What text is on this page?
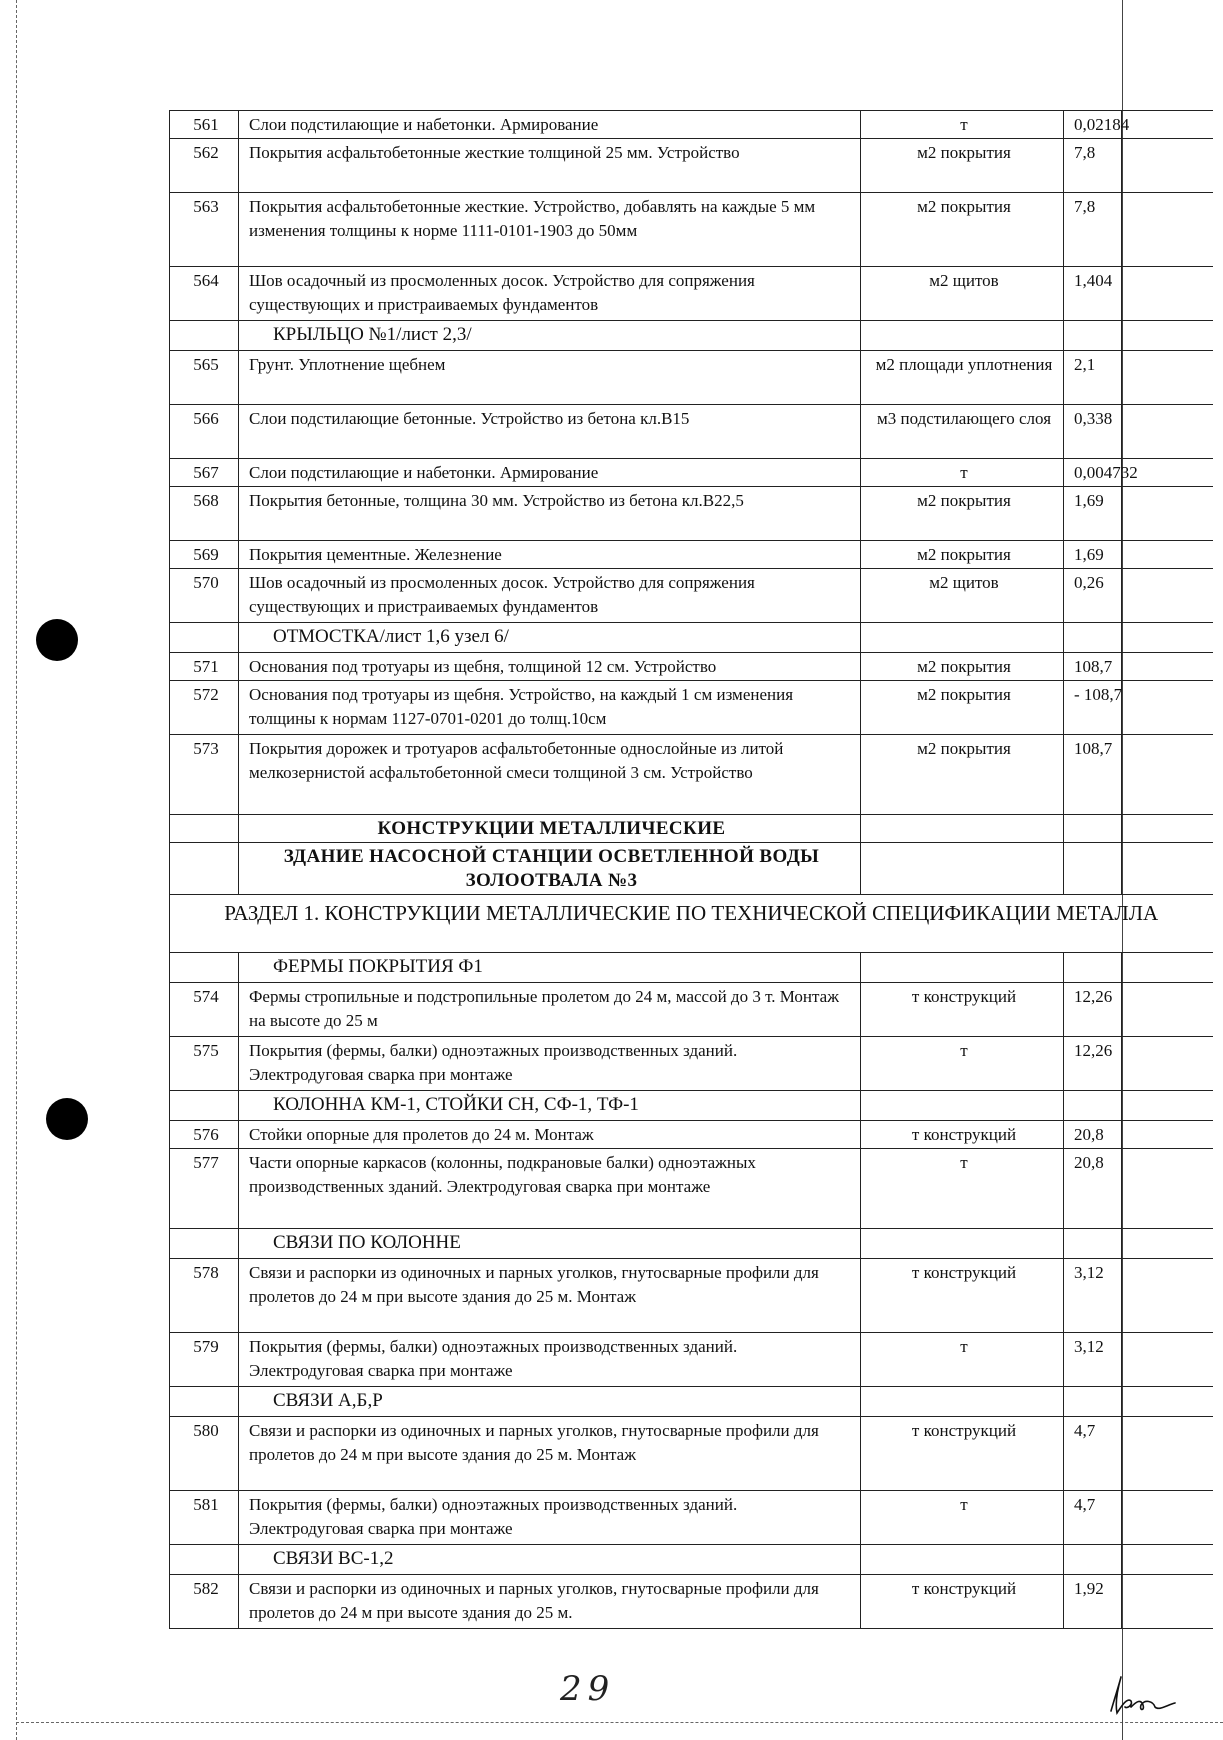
561	Слои подстилающие и набетонки. Армирование	т	0,02184	
562	Покрытия асфальтобетонные жесткие толщиной 25 мм. Устройство	м2 покрытия	7,8	
563	Покрытия асфальтобетонные жесткие. Устройство, добавлять на каждые 5 мм изменения толщины к норме 1111-0101-1903 до 50мм	м2 покрытия	7,8	
564	Шов осадочный из просмоленных досок. Устройство для сопряжения существующих и пристраиваемых фундаментов	м2 щитов	1,404	
	КРЫЛЬЦО №1/лист 2,3/			
565	Грунт. Уплотнение щебнем	м2 площади уплотнения	2,1	
566	Слои подстилающие бетонные. Устройство из бетона кл.В15	м3 подстилающего слоя	0,338	
567	Слои подстилающие и набетонки. Армирование	т	0,004732	
568	Покрытия бетонные, толщина 30 мм. Устройство из бетона кл.В22,5	м2 покрытия	1,69	
569	Покрытия цементные. Железнение	м2 покрытия	1,69	
570	Шов осадочный из просмоленных досок. Устройство для сопряжения существующих и пристраиваемых фундаментов	м2 щитов	0,26	
	ОТМОСТКА/лист 1,6 узел 6/			
571	Основания под тротуары из щебня, толщиной 12 см. Устройство	м2 покрытия	108,7	
572	Основания под тротуары из щебня. Устройство, на каждый 1 см изменения толщины к нормам 1127-0701-0201 до толщ.10см	м2 покрытия	- 108,7	
573	Покрытия дорожек и тротуаров асфальтобетонные однослойные из литой мелкозернистой асфальтобетонной смеси толщиной 3 см. Устройство	м2 покрытия	108,7	
	КОНСТРУКЦИИ МЕТАЛЛИЧЕСКИЕ			
	ЗДАНИЕ НАСОСНОЙ СТАНЦИИ ОСВЕТЛЕННОЙ ВОДЫ ЗОЛООТВАЛА №3			
РАЗДЕЛ 1. КОНСТРУКЦИИ МЕТАЛЛИЧЕСКИЕ ПО ТЕХНИЧЕСКОЙ СПЕЦИФИКАЦИИ МЕТАЛЛА				
	ФЕРМЫ ПОКРЫТИЯ Ф1			
574	Фермы стропильные и подстропильные пролетом до 24 м, массой до 3 т. Монтаж на высоте до 25 м	т конструкций	12,26	
575	Покрытия (фермы, балки) одноэтажных производственных зданий. Электродуговая сварка при монтаже	т	12,26	
	КОЛОННА КМ-1, СТОЙКИ СН, СФ-1, ТФ-1			
576	Стойки опорные для пролетов до 24 м. Монтаж	т конструкций	20,8	
577	Части опорные каркасов (колонны, подкрановые балки) одноэтажных производственных зданий. Электродуговая сварка при монтаже	т	20,8	
	СВЯЗИ ПО КОЛОННЕ			
578	Связи и распорки из одиночных и парных уголков, гнутосварные профили для пролетов до 24 м при высоте здания до 25 м. Монтаж	т конструкций	3,12	
579	Покрытия (фермы, балки) одноэтажных производственных зданий. Электродуговая сварка при монтаже	т	3,12	
	СВЯЗИ А,Б,Р			
580	Связи и распорки из одиночных и парных уголков, гнутосварные профили для пролетов до 24 м при высоте здания до 25 м. Монтаж	т конструкций	4,7	
581	Покрытия (фермы, балки) одноэтажных производственных зданий. Электродуговая сварка при монтаже	т	4,7	
	СВЯЗИ ВС-1,2			
582	Связи и распорки из одиночных и парных уголков, гнутосварные профили для пролетов до 24 м при высоте здания до 25 м.	т конструкций	1,92	
29
